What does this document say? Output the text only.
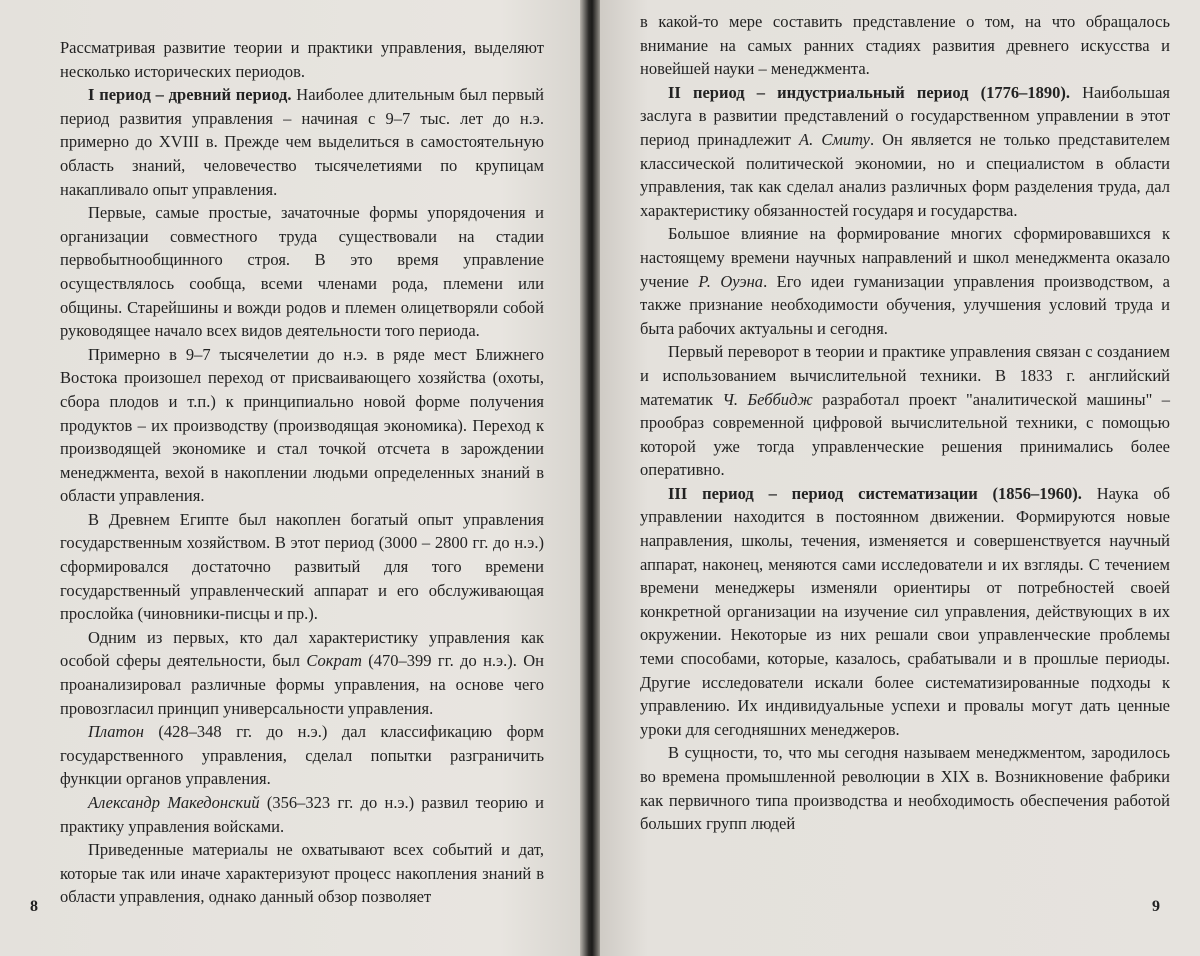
Рассматривая развитие теории и практики управления, выделяют несколько исторических периодов.

I период – древний период. Наиболее длительным был первый период развития управления – начиная с 9–7 тыс. лет до н.э. примерно до XVIII в. Прежде чем выделиться в самостоятельную область знаний, человечество тысячелетиями по крупицам накапливало опыт управления.

Первые, самые простые, зачаточные формы упорядочения и организации совместного труда существовали на стадии первобытнообщинного строя. В это время управление осуществлялось сообща, всеми членами рода, племени или общины. Старейшины и вожди родов и племен олицетворяли собой руководящее начало всех видов деятельности того периода.

Примерно в 9–7 тысячелетии до н.э. в ряде мест Ближнего Востока произошел переход от присваивающего хозяйства (охоты, сбора плодов и т.п.) к принципиально новой форме получения продуктов – их производству (производящая экономика). Переход к производящей экономике и стал точкой отсчета в зарождении менеджмента, вехой в накоплении людьми определенных знаний в области управления.

В Древнем Египте был накоплен богатый опыт управления государственным хозяйством. В этот период (3000 – 2800 гг. до н.э.) сформировался достаточно развитый для того времени государственный управленческий аппарат и его обслуживающая прослойка (чиновники-писцы и пр.).

Одним из первых, кто дал характеристику управления как особой сферы деятельности, был Сократ (470–399 гг. до н.э.). Он проанализировал различные формы управления, на основе чего провозгласил принцип универсальности управления.

Платон (428–348 гг. до н.э.) дал классификацию форм государственного управления, сделал попытки разграничить функции органов управления.

Александр Македонский (356–323 гг. до н.э.) развил теорию и практику управления войсками.

Приведенные материалы не охватывают всех событий и дат, которые так или иначе характеризуют процесс накопления знаний в области управления, однако данный обзор позволяет

в какой-то мере составить представление о том, на что обращалось внимание на самых ранних стадиях развития древнего искусства и новейшей науки – менеджмента.

II период – индустриальный период (1776–1890). Наибольшая заслуга в развитии представлений о государственном управлении в этот период принадлежит А. Смиту. Он является не только представителем классической политической экономии, но и специалистом в области управления, так как сделал анализ различных форм разделения труда, дал характеристику обязанностей государя и государства.

Большое влияние на формирование многих сформировавшихся к настоящему времени научных направлений и школ менеджмента оказало учение Р. Оуэна. Его идеи гуманизации управления производством, а также признание необходимости обучения, улучшения условий труда и быта рабочих актуальны и сегодня.

Первый переворот в теории и практике управления связан с созданием и использованием вычислительной техники. В 1833 г. английский математик Ч. Беббидж разработал проект "аналитической машины" – прообраз современной цифровой вычислительной техники, с помощью которой уже тогда управленческие решения принимались более оперативно.

III период – период систематизации (1856–1960). Наука об управлении находится в постоянном движении. Формируются новые направления, школы, течения, изменяется и совершенствуется научный аппарат, наконец, меняются сами исследователи и их взгляды. С течением времени менеджеры изменяли ориентиры от потребностей своей конкретной организации на изучение сил управления, действующих в их окружении. Некоторые из них решали свои управленческие проблемы теми способами, которые, казалось, срабатывали и в прошлые периоды. Другие исследователи искали более систематизированные подходы к управлению. Их индивидуальные успехи и провалы могут дать ценные уроки для сегодняшних менеджеров.

В сущности, то, что мы сегодня называем менеджментом, зародилось во времена промышленной революции в XIX в. Возникновение фабрики как первичного типа производства и необходимость обеспечения работой больших групп людей

8	9
